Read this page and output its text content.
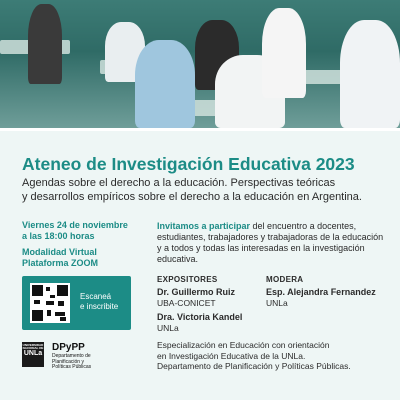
Ateneo de Investigación Educativa 2023
Agendas sobre el derecho a la educación. Perspectivas teóricas
y desarrollos empíricos sobre el derecho a la educación en Argentina.
Viernes 24 de noviembre
a las 18:00 horas
Modalidad Virtual
Plataforma ZOOM
Escaneá
e inscribite
Invitamos a participar del encuentro a docentes, estudiantes, trabajadores y trabajadoras de la educación y a todos y todas las interesadas en la investigación educativa.
EXPOSITORES
Dr. Guillermo Ruiz
UBA-CONICET
Dra. Victoria Kandel
UNLa
MODERA
Esp. Alejandra Fernandez
UNLa
UNIVERSIDAD NACIONAL DE
UNLa
DPyPP
Departamento de Planificación y Políticas Públicas
Especialización en Educación con orientación
en Investigación Educativa de la UNLa.
Departamento de Planificación y Políticas Públicas.
